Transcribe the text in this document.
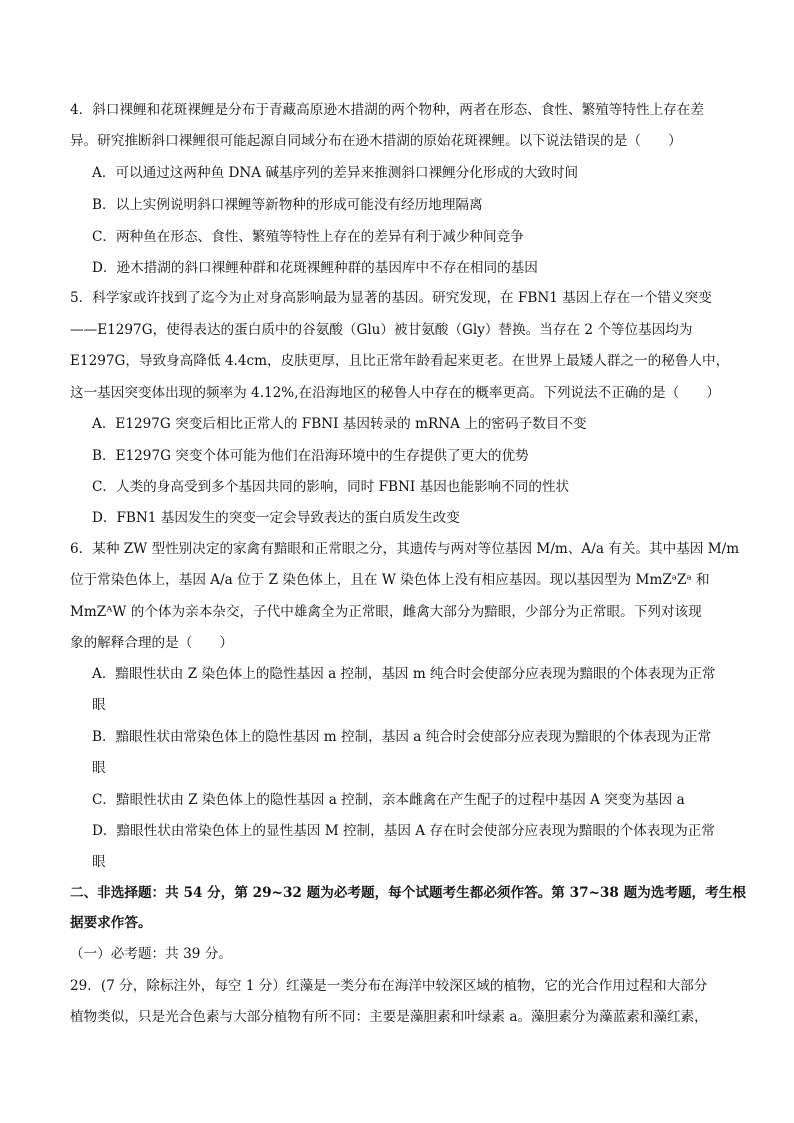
4．斜口裸鲤和花斑裸鲤是分布于青藏高原逊木措湖的两个物种，两者在形态、食性、繁殖等特性上存在差
异。研究推断斜口裸鲤很可能起源自同域分布在逊木措湖的原始花斑裸鲤。以下说法错误的是（　　）
A．可以通过这两种鱼 DNA 碱基序列的差异来推测斜口裸鲤分化形成的大致时间
B．以上实例说明斜口裸鲤等新物种的形成可能没有经历地理隔离
C．两种鱼在形态、食性、繁殖等特性上存在的差异有利于减少种间竞争
D．逊木措湖的斜口裸鲤种群和花斑裸鲤种群的基因库中不存在相同的基因
5．科学家或许找到了迄今为止对身高影响最为显著的基因。研究发现，在 FBN1 基因上存在一个错义突变
——E1297G，使得表达的蛋白质中的谷氨酸（Glu）被甘氨酸（Gly）替换。当存在 2 个等位基因均为
E1297G，导致身高降低 4.4cm，皮肤更厚，且比正常年龄看起来更老。在世界上最矮人群之一的秘鲁人中，
这一基因突变体出现的频率为 4.12%,在沿海地区的秘鲁人中存在的概率更高。下列说法不正确的是（　　）
A．E1297G 突变后相比正常人的 FBNI 基因转录的 mRNA 上的密码子数目不变
B．E1297G 突变个体可能为他们在沿海环境中的生存提供了更大的优势
C．人类的身高受到多个基因共同的影响，同时 FBNI 基因也能影响不同的性状
D．FBN1 基因发生的突变一定会导致表达的蛋白质发生改变
6．某种 ZW 型性别决定的家禽有黯眼和正常眼之分，其遗传与两对等位基因 M/m、A/a 有关。其中基因 M/m
位于常染色体上，基因 A/a 位于 Z 染色体上，且在 W 染色体上没有相应基因。现以基因型为 MmZᵃZᵃ 和
MmZᴬW 的个体为亲本杂交，子代中雄禽全为正常眼，雌禽大部分为黯眼，少部分为正常眼。下列对该现
象的解释合理的是（　　）
A．黯眼性状由 Z 染色体上的隐性基因 a 控制，基因 m 纯合时会使部分应表现为黯眼的个体表现为正常
眼
B．黯眼性状由常染色体上的隐性基因 m 控制，基因 a 纯合时会使部分应表现为黯眼的个体表现为正常
眼
C．黯眼性状由 Z 染色体上的隐性基因 a 控制，亲本雌禽在产生配子的过程中基因 A 突变为基因 a
D．黯眼性状由常染色体上的显性基因 M 控制，基因 A 存在时会使部分应表现为黯眼的个体表现为正常
眼
二、非选择题：共 54 分，第 29~32 题为必考题，每个试题考生都必须作答。第 37~38 题为选考题，考生根
据要求作答。
（一）必考题：共 39 分。
29．(7 分，除标注外，每空 1 分）红藻是一类分布在海洋中较深区域的植物，它的光合作用过程和大部分
植物类似，只是光合色素与大部分植物有所不同：主要是藻胆素和叶绿素 a。藻胆素分为藻蓝素和藻红素，
